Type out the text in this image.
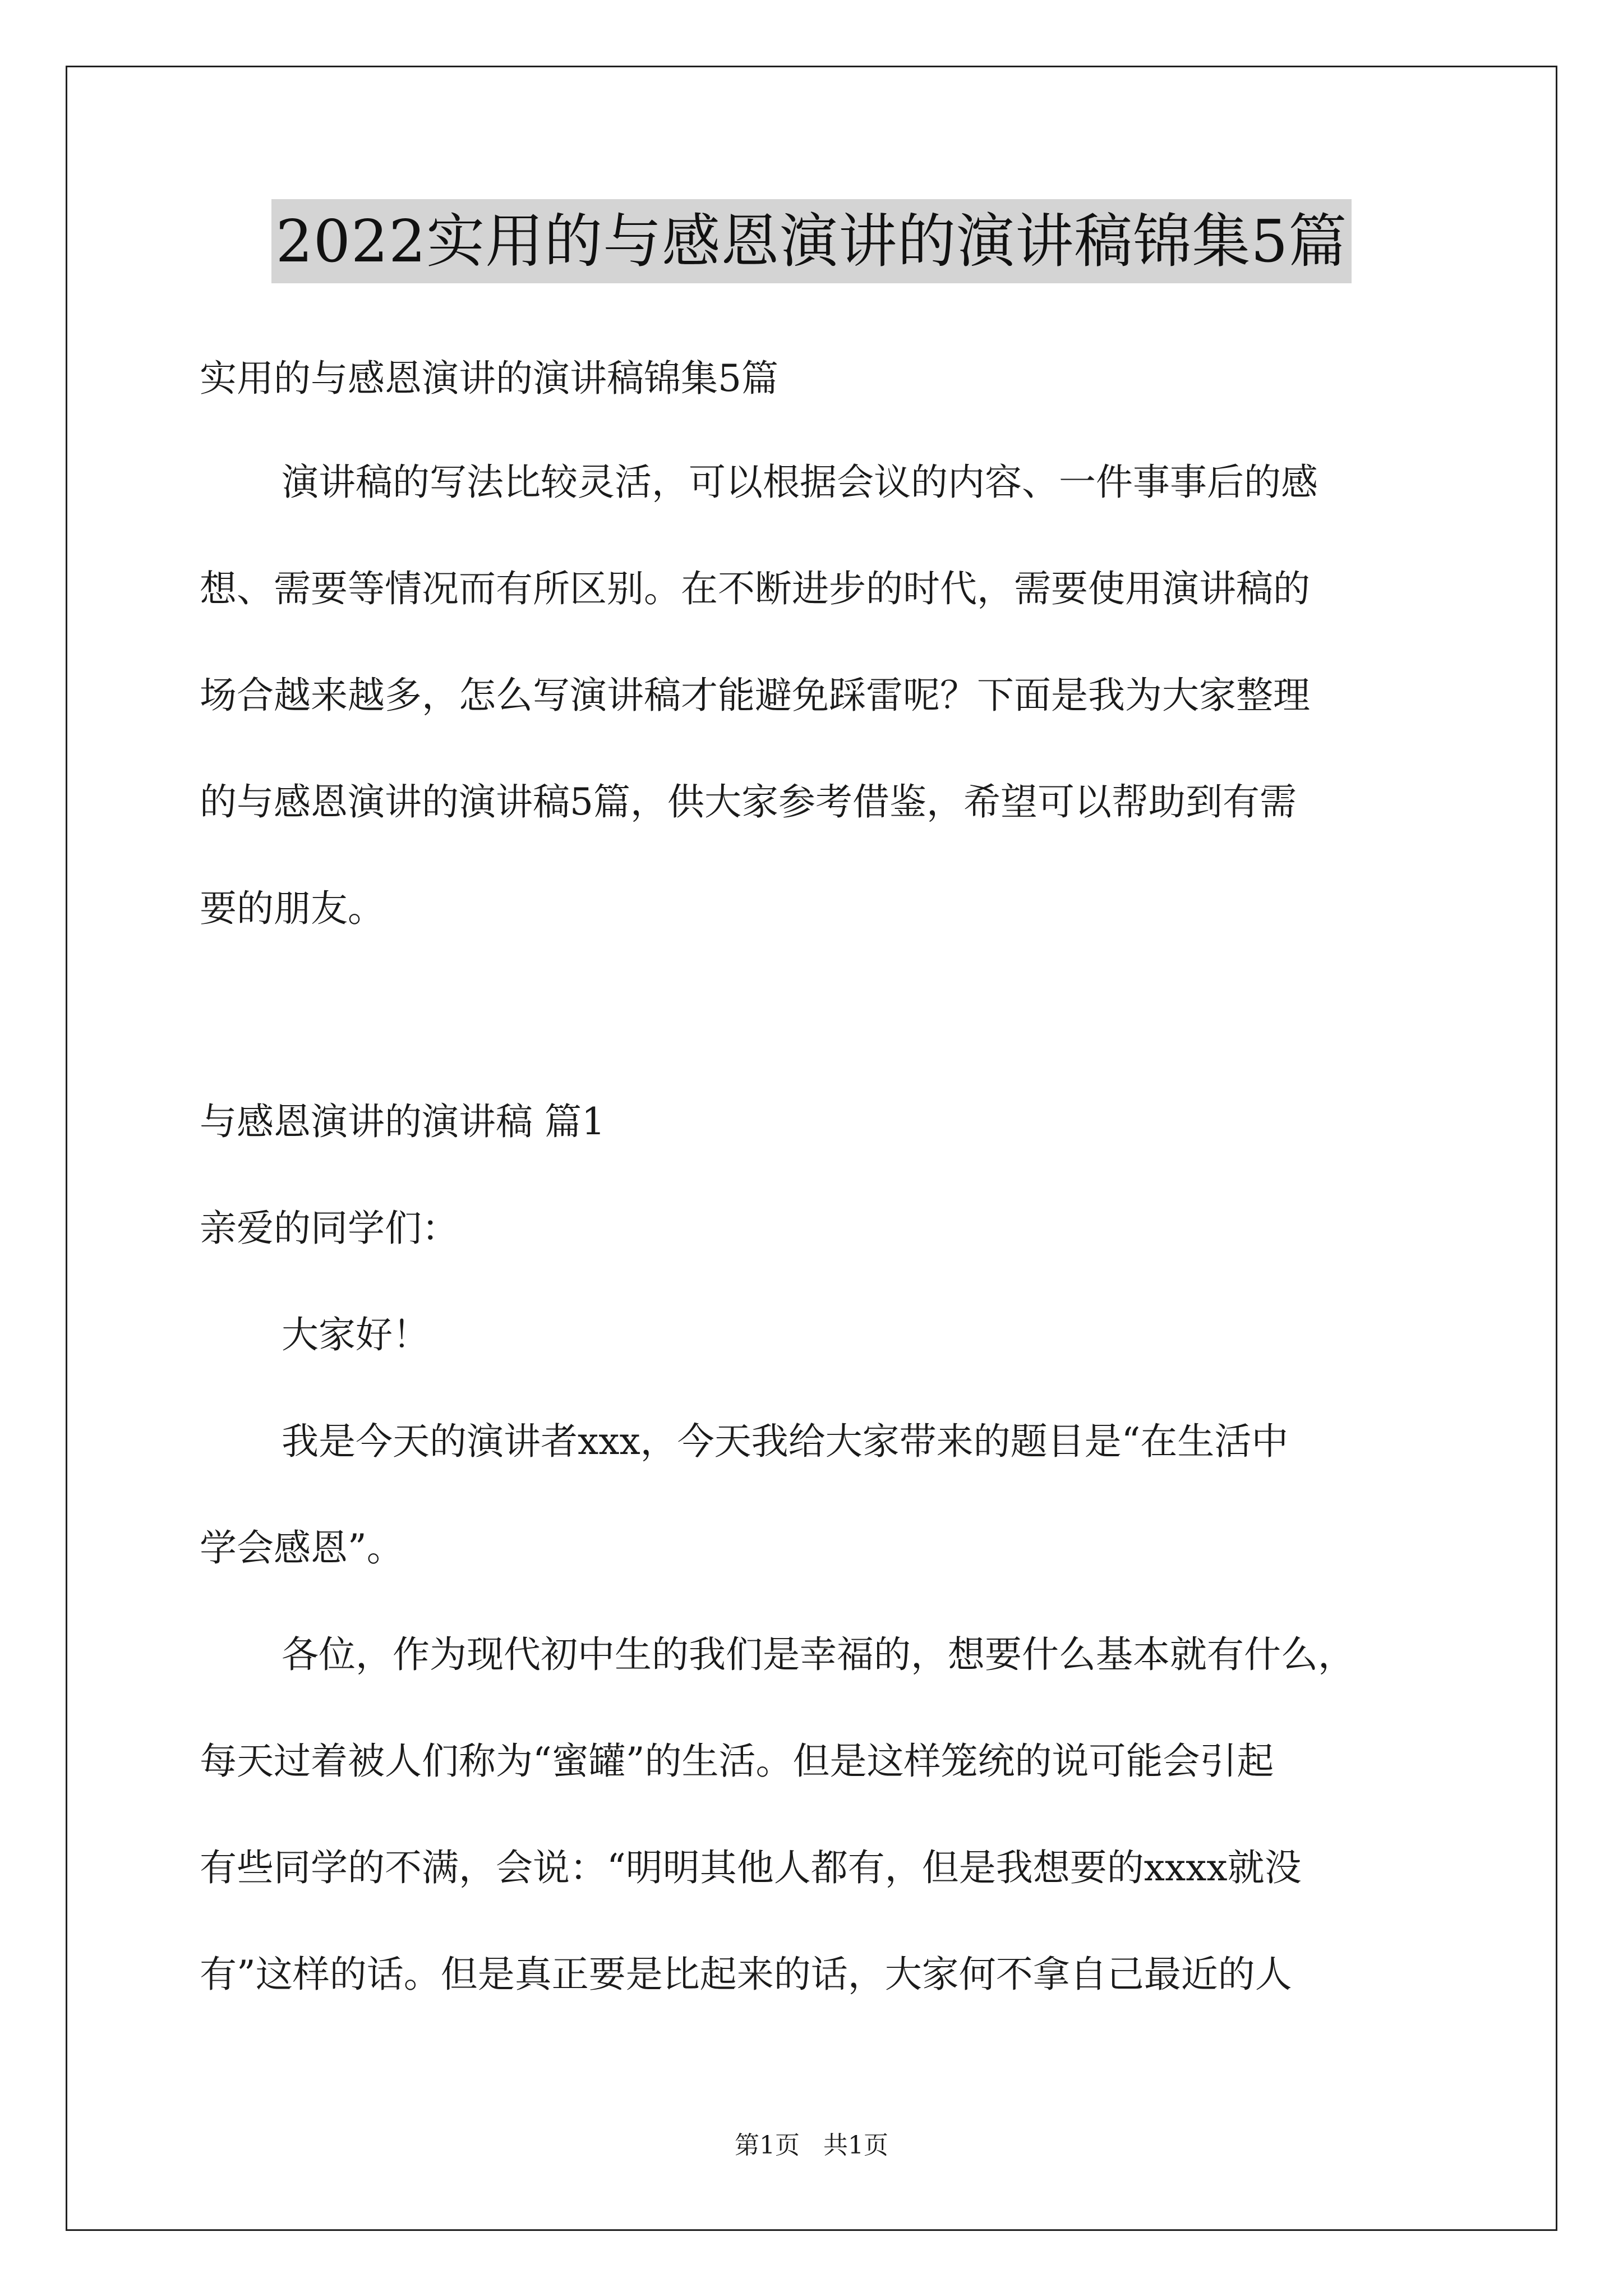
2022实用的与感恩演讲的演讲稿锦集5篇
实用的与感恩演讲的演讲稿锦集5篇
演讲稿的写法比较灵活，可以根据会议的内容、一件事事后的感
想、需要等情况而有所区别。在不断进步的时代，需要使用演讲稿的
场合越来越多，怎么写演讲稿才能避免踩雷呢？下面是我为大家整理
的与感恩演讲的演讲稿5篇，供大家参考借鉴，希望可以帮助到有需
要的朋友。
与感恩演讲的演讲稿 篇1
亲爱的同学们：
大家好！
我是今天的演讲者xxx，今天我给大家带来的题目是“在生活中
学会感恩”。
各位，作为现代初中生的我们是幸福的，想要什么基本就有什么，
每天过着被人们称为“蜜罐”的生活。但是这样笼统的说可能会引起
有些同学的不满，会说：“明明其他人都有，但是我想要的xxxx就没
有”这样的话。但是真正要是比起来的话，大家何不拿自己最近的人
第1页 共1页
